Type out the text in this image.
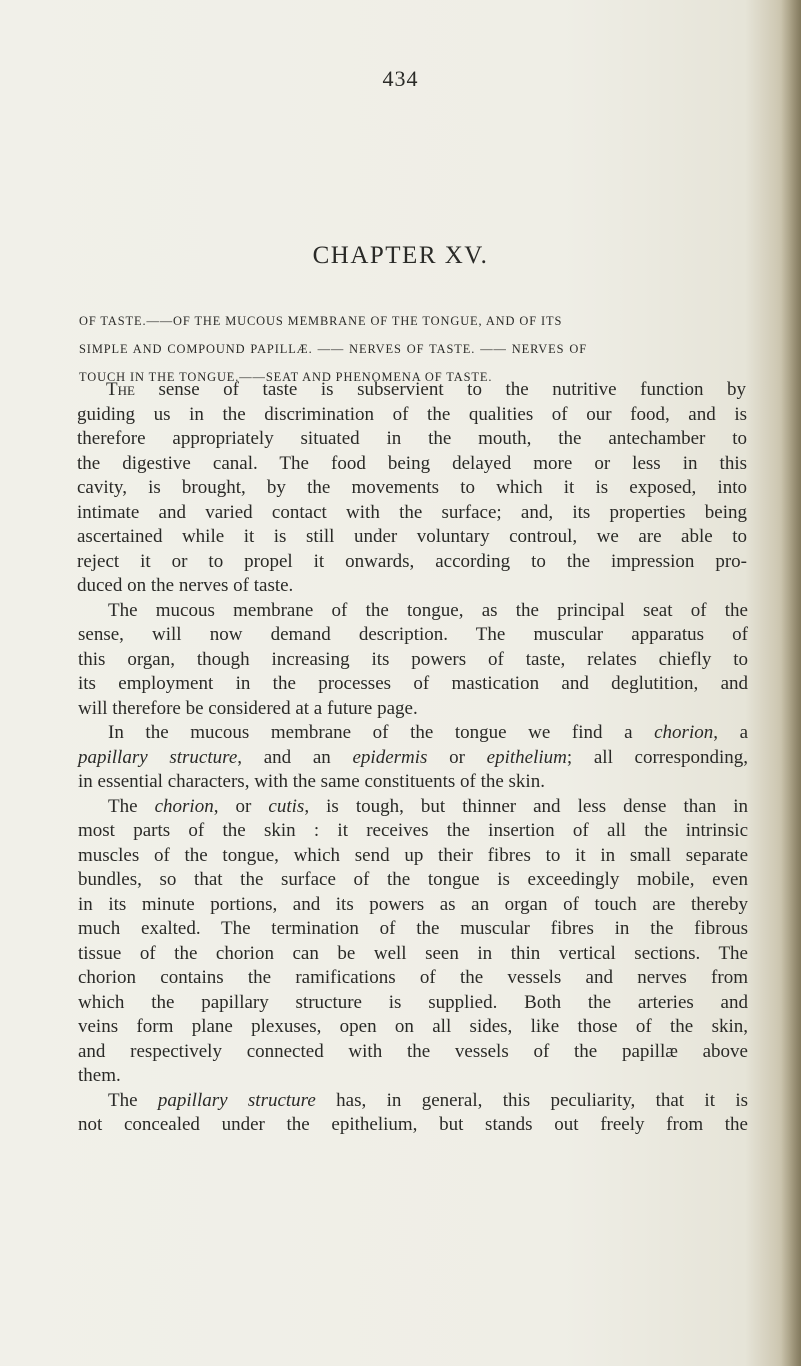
434
CHAPTER XV.
OF TASTE.——OF THE MUCOUS MEMBRANE OF THE TONGUE, AND OF ITS
SIMPLE AND COMPOUND PAPILLÆ. —— NERVES OF TASTE. —— NERVES OF
TOUCH IN THE TONGUE.——SEAT AND PHENOMENA OF TASTE.
The sense of taste is subservient to the nutritive function by
guiding us in the discrimination of the qualities of our food, and is
therefore appropriately situated in the mouth, the antechamber to
the digestive canal. The food being delayed more or less in this
cavity, is brought, by the movements to which it is exposed, into
intimate and varied contact with the surface; and, its properties being
ascertained while it is still under voluntary controul, we are able to
reject it or to propel it onwards, according to the impression pro-
duced on the nerves of taste.
The mucous membrane of the tongue, as the principal seat of the
sense, will now demand description. The muscular apparatus of
this organ, though increasing its powers of taste, relates chiefly to
its employment in the processes of mastication and deglutition, and
will therefore be considered at a future page.
In the mucous membrane of the tongue we find a chorion, a
papillary structure, and an epidermis or epithelium; all corresponding,
in essential characters, with the same constituents of the skin.
The chorion, or cutis, is tough, but thinner and less dense than in
most parts of the skin : it receives the insertion of all the intrinsic
muscles of the tongue, which send up their fibres to it in small separate
bundles, so that the surface of the tongue is exceedingly mobile, even
in its minute portions, and its powers as an organ of touch are thereby
much exalted. The termination of the muscular fibres in the fibrous
tissue of the chorion can be well seen in thin vertical sections. The
chorion contains the ramifications of the vessels and nerves from
which the papillary structure is supplied. Both the arteries and
veins form plane plexuses, open on all sides, like those of the skin,
and respectively connected with the vessels of the papillæ above
them.
The papillary structure has, in general, this peculiarity, that it is
not concealed under the epithelium, but stands out freely from the
